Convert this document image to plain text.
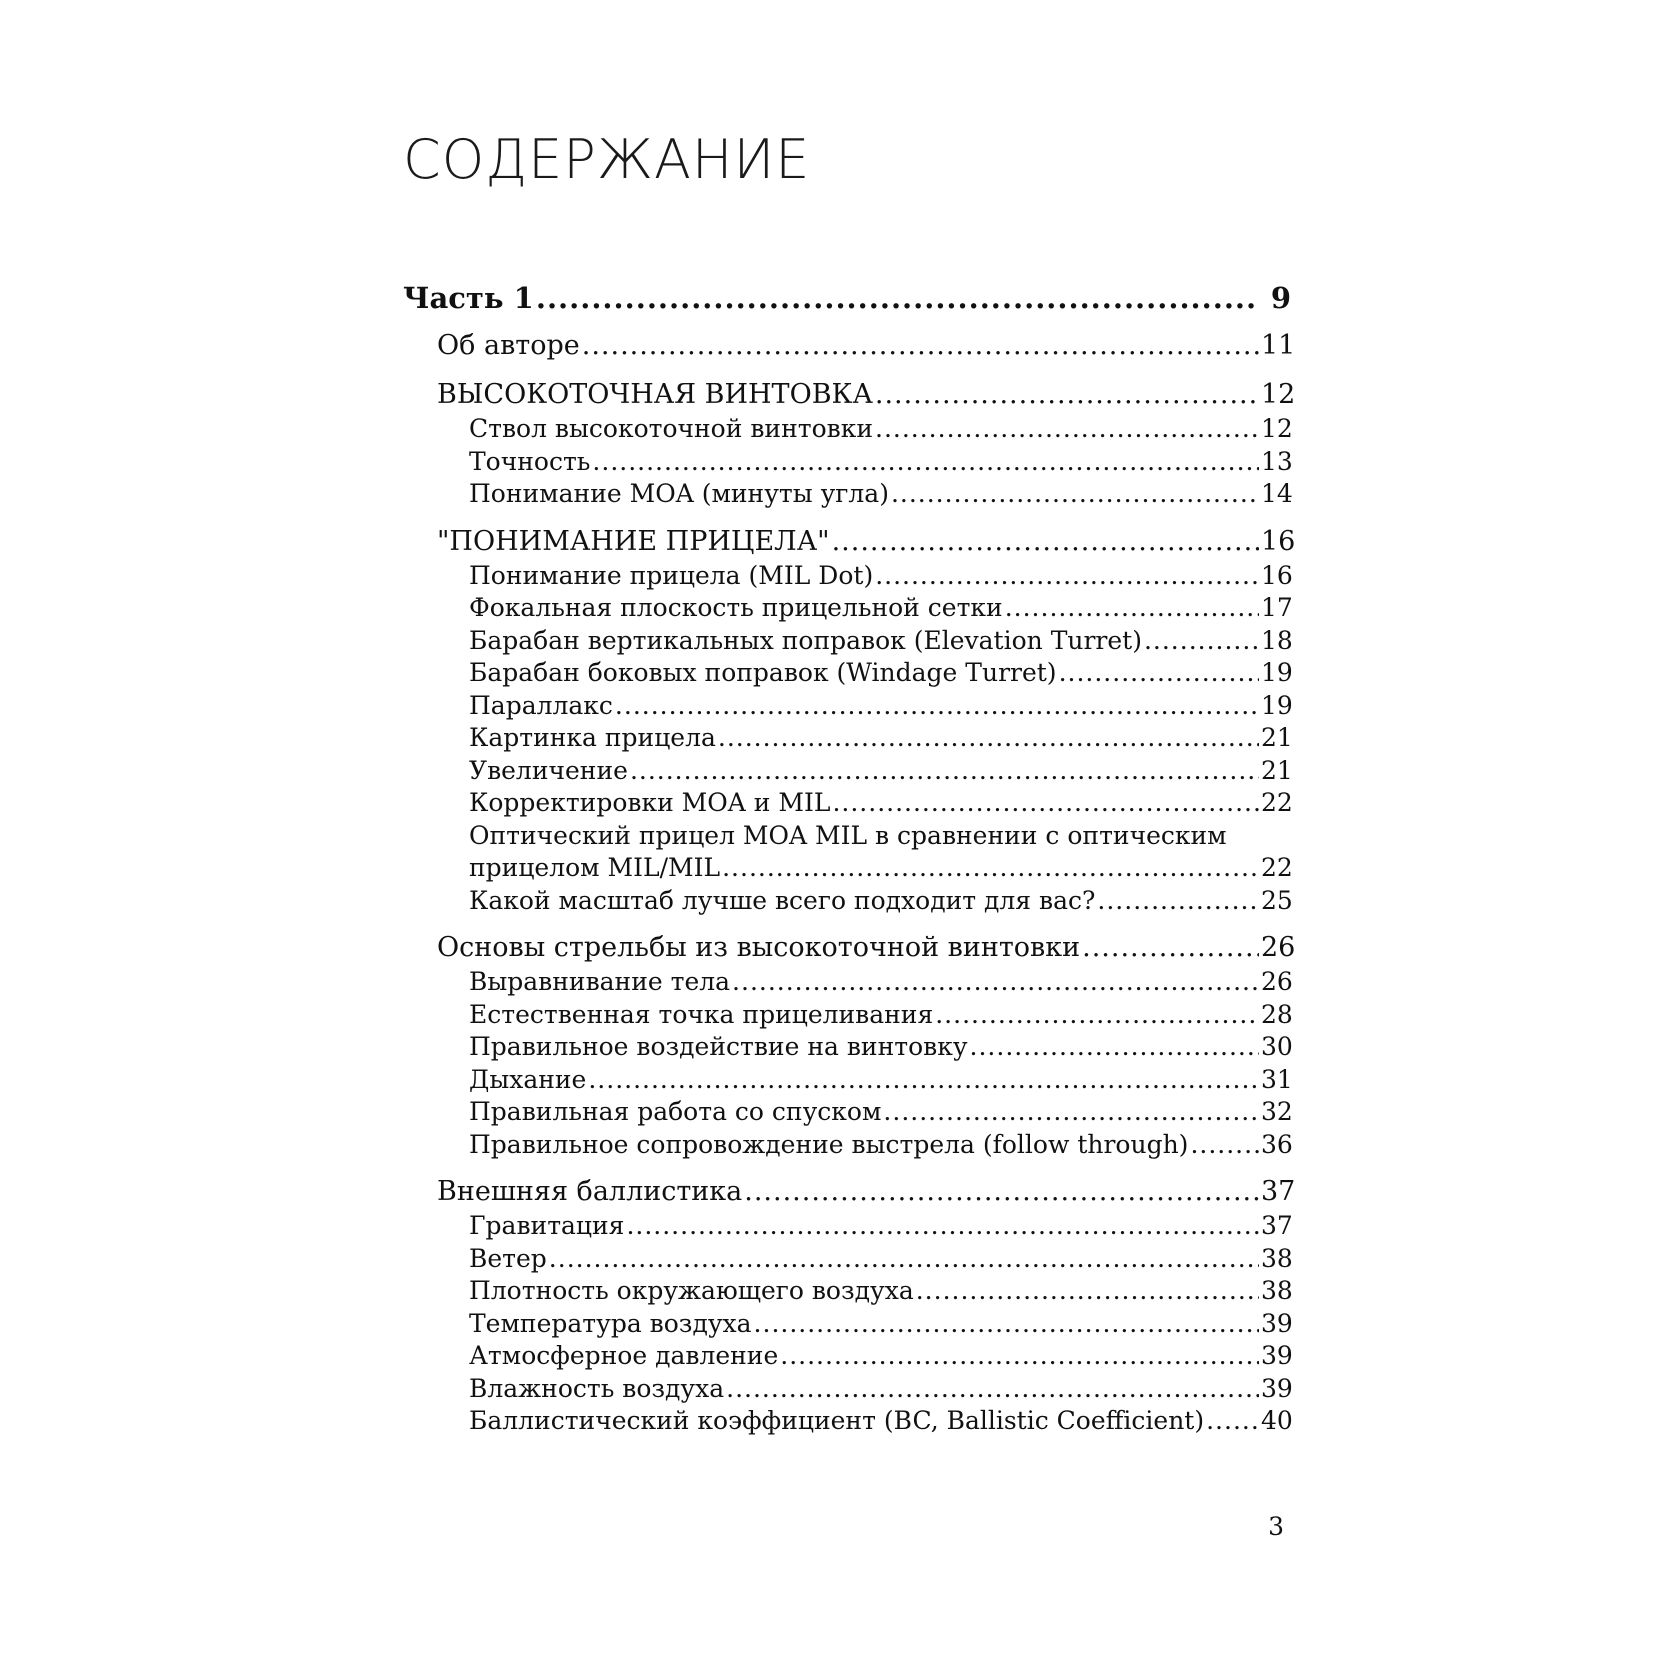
СОДЕРЖАНИЕ
Часть 1 .....	9
Об авторе .....	11
ВЫСОКОТОЧНАЯ ВИНТОВКА .....	12
Ствол высокоточной винтовки .....	12
Точность .....	13
Понимание MOA (минуты угла) .....	14
"ПОНИМАНИЕ ПРИЦЕЛА" .....	16
Понимание прицела (MIL Dot) .....	16
Фокальная плоскость прицельной сетки .....	17
Барабан вертикальных поправок (Elevation Turret) .....	18
Барабан боковых поправок (Windage Turret) .....	19
Параллакс .....	19
Картинка прицела .....	21
Увеличение .....	21
Корректировки MOA и MIL .....	22
Оптический прицел MOA MIL в сравнении с оптическим
прицелом MIL/MIL .....	22
Какой масштаб лучше всего подходит для вас? .....	25
Основы стрельбы из высокоточной винтовки .....	26
Выравнивание тела .....	26
Естественная точка прицеливания .....	28
Правильное воздействие на винтовку .....	30
Дыхание .....	31
Правильная работа со спуском .....	32
Правильное сопровождение выстрела (follow through) .....	36
Внешняя баллистика .....	37
Гравитация .....	37
Ветер .....	38
Плотность окружающего воздуха .....	38
Температура воздуха .....	39
Атмосферное давление .....	39
Влажность воздуха .....	39
Баллистический коэффициент (BC, Ballistic Coefficient) ..... 40
3
